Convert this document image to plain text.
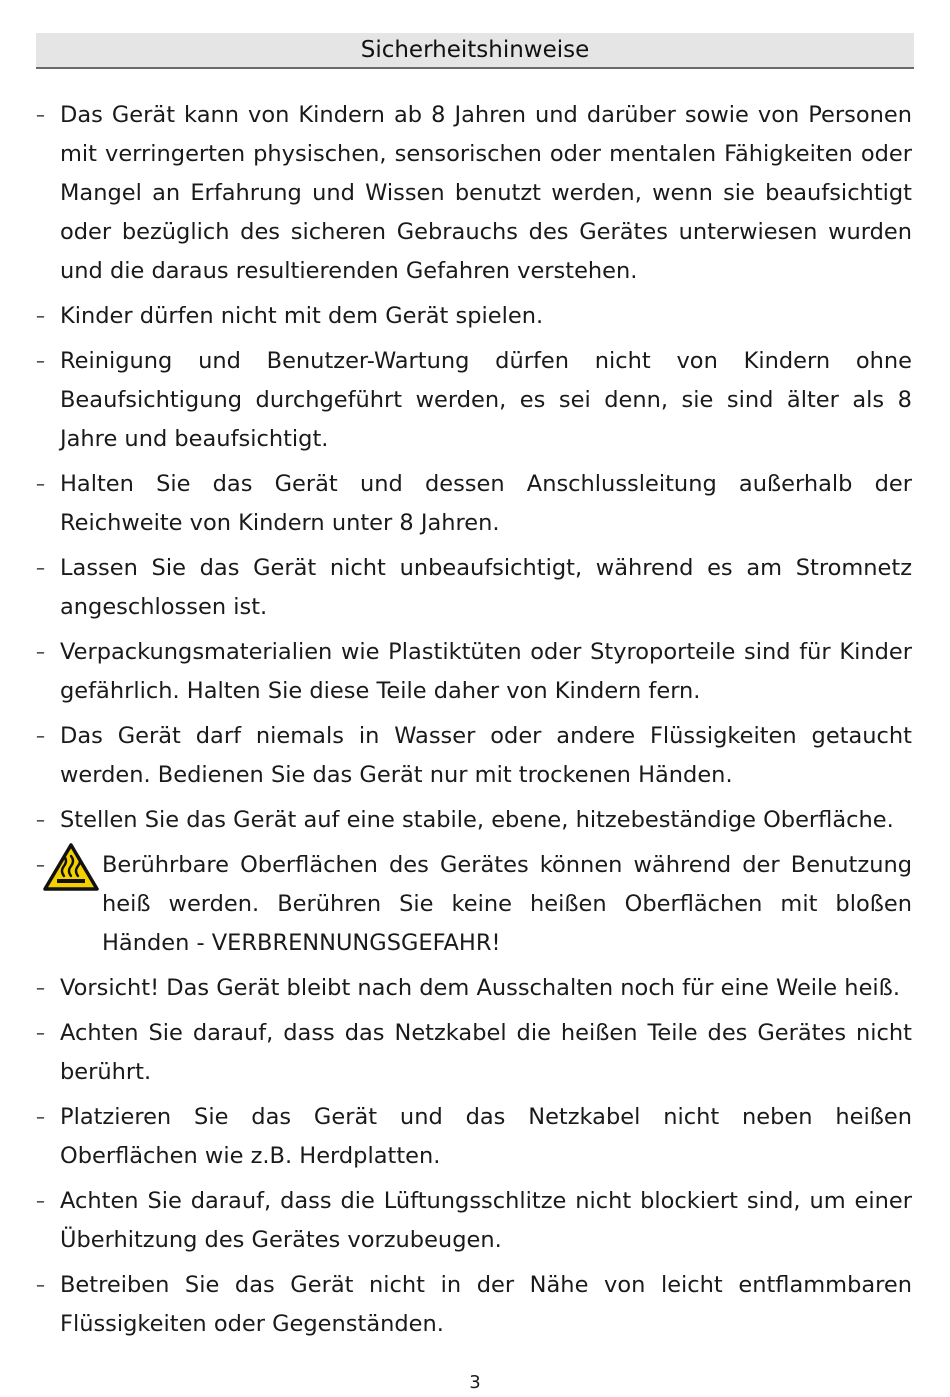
Sicherheitshinweise
– Das Gerät kann von Kindern ab 8 Jahren und darüber sowie von Personen mit verringerten physischen, sensorischen oder mentalen Fähigkeiten oder Mangel an Erfahrung und Wissen benutzt werden, wenn sie beaufsichtigt oder bezüglich des sicheren Gebrauchs des Gerätes unterwiesen wurden und die daraus resultierenden Gefahren verstehen.
– Kinder dürfen nicht mit dem Gerät spielen.
– Reinigung und Benutzer-Wartung dürfen nicht von Kindern ohne Beaufsichtigung durchgeführt werden, es sei denn, sie sind älter als 8 Jahre und beaufsichtigt.
– Halten Sie das Gerät und dessen Anschlussleitung außerhalb der Reichweite von Kindern unter 8 Jahren.
– Lassen Sie das Gerät nicht unbeaufsichtigt, während es am Stromnetz angeschlossen ist.
– Verpackungsmaterialien wie Plastiktüten oder Styroporteile sind für Kinder gefährlich. Halten Sie diese Teile daher von Kindern fern.
– Das Gerät darf niemals in Wasser oder andere Flüssigkeiten getaucht werden. Bedienen Sie das Gerät nur mit trockenen Händen.
– Stellen Sie das Gerät auf eine stabile, ebene, hitzebeständige Oberfläche.
–	Berührbare Oberflächen des Gerätes können während der Benutzung heiß werden. Berühren Sie keine heißen Oberflächen mit bloßen Händen - VERBRENNUNGSGEFAHR!
– Vorsicht! Das Gerät bleibt nach dem Ausschalten noch für eine Weile heiß.
– Achten Sie darauf, dass das Netzkabel die heißen Teile des Gerätes nicht berührt.
– Platzieren Sie das Gerät und das Netzkabel nicht neben heißen Oberflächen wie z.B. Herdplatten.
– Achten Sie darauf, dass die Lüftungsschlitze nicht blockiert sind, um einer Überhitzung des Gerätes vorzubeugen.
– Betreiben Sie das Gerät nicht in der Nähe von leicht entflammbaren Flüssigkeiten oder Gegenständen.
3
